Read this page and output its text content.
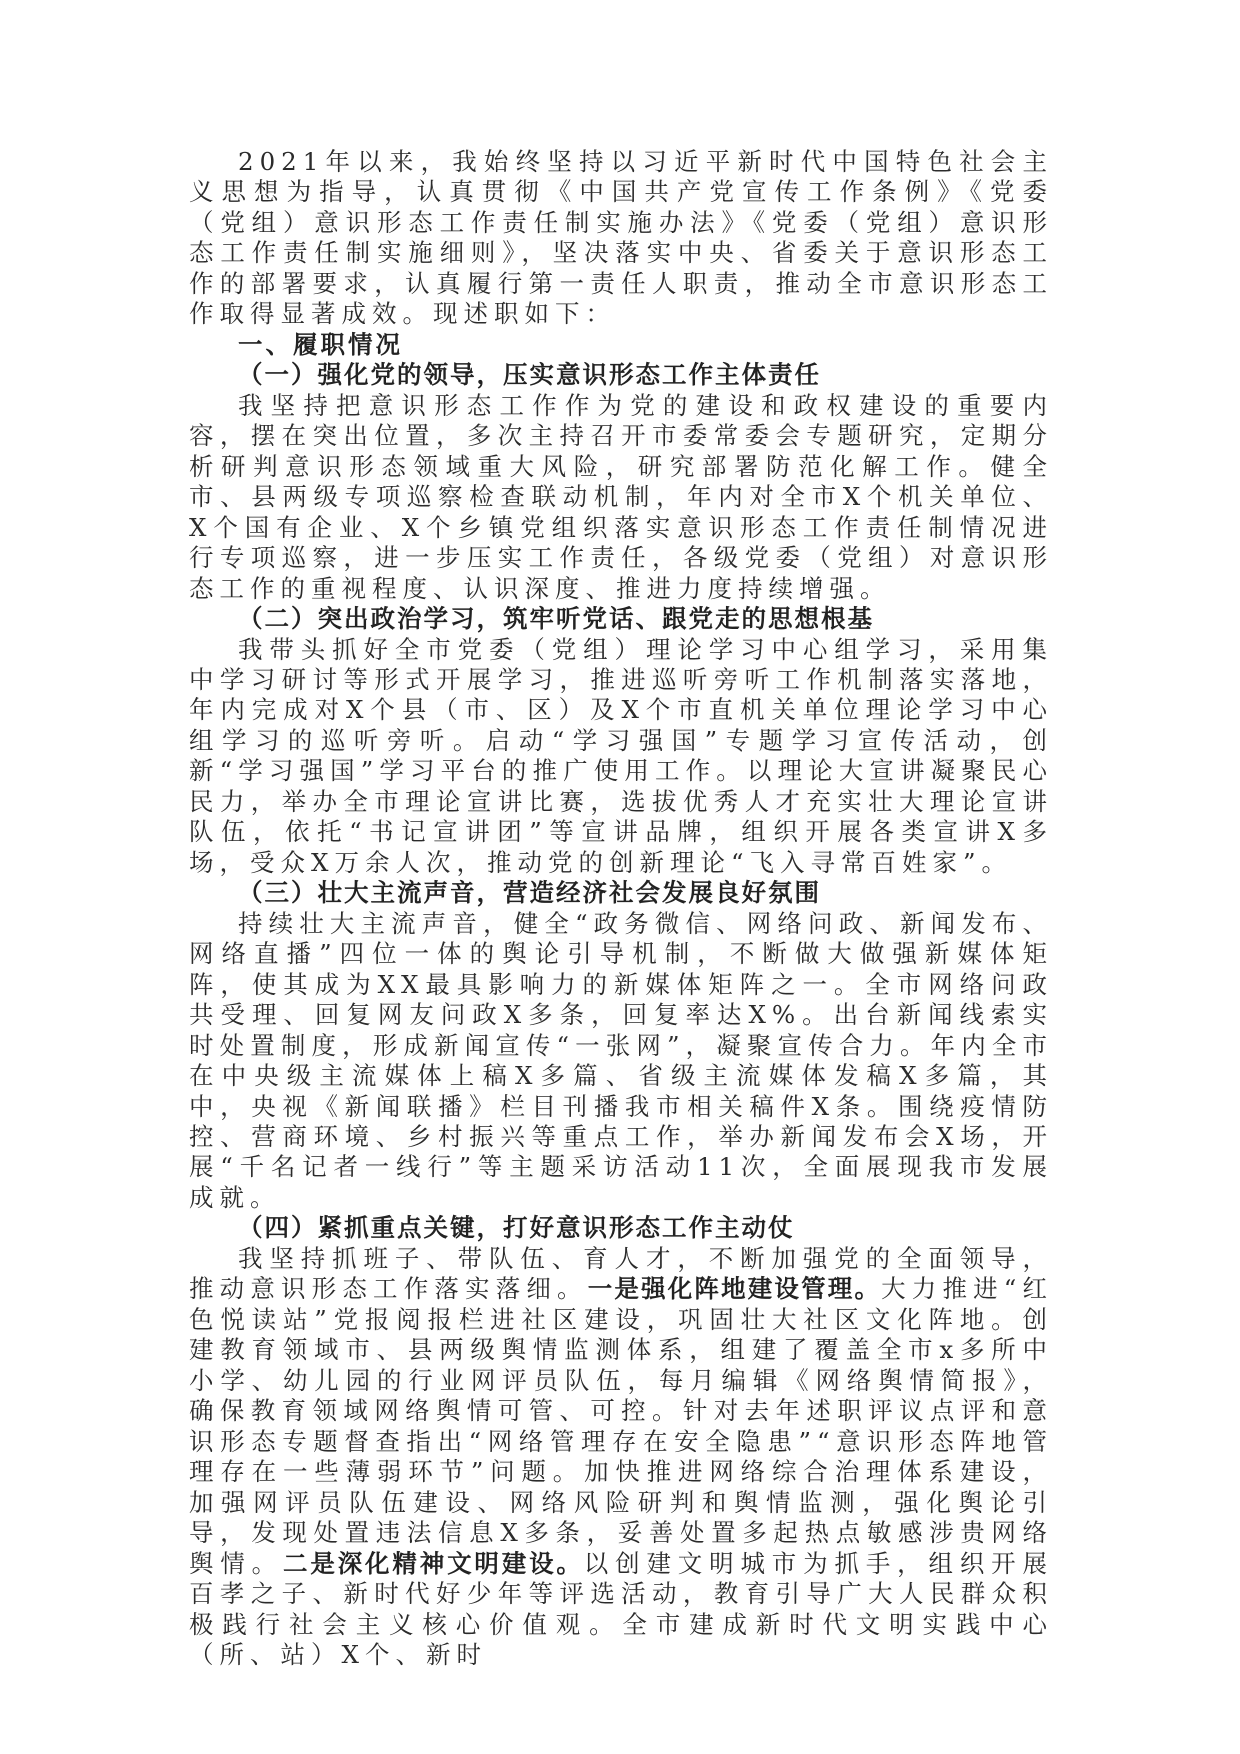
2021年以来，我始终坚持以习近平新时代中国特色社会主义思想为指导，认真贯彻《中国共产党宣传工作条例》《党委（党组）意识形态工作责任制实施办法》《党委（党组）意识形态工作责任制实施细则》，坚决落实中央、省委关于意识形态工作的部署要求，认真履行第一责任人职责，推动全市意识形态工作取得显著成效。现述职如下：

一、履职情况

（一）强化党的领导，压实意识形态工作主体责任

我坚持把意识形态工作作为党的建设和政权建设的重要内容，摆在突出位置，多次主持召开市委常委会专题研究，定期分析研判意识形态领域重大风险，研究部署防范化解工作。健全市、县两级专项巡察检查联动机制，年内对全市X个机关单位、X个国有企业、X个乡镇党组织落实意识形态工作责任制情况进行专项巡察，进一步压实工作责任，各级党委（党组）对意识形态工作的重视程度、认识深度、推进力度持续增强。

（二）突出政治学习，筑牢听党话、跟党走的思想根基

我带头抓好全市党委（党组）理论学习中心组学习，采用集中学习研讨等形式开展学习，推进巡听旁听工作机制落实落地，年内完成对X个县（市、区）及X个市直机关单位理论学习中心组学习的巡听旁听。启动“学习强国”专题学习宣传活动，创新“学习强国”学习平台的推广使用工作。以理论大宣讲凝聚民心民力，举办全市理论宣讲比赛，选拔优秀人才充实壮大理论宣讲队伍，依托“书记宣讲团”等宣讲品牌，组织开展各类宣讲X多场，受众X万余人次，推动党的创新理论“飞入寻常百姓家”。

（三）壮大主流声音，营造经济社会发展良好氛围

持续壮大主流声音，健全“政务微信、网络问政、新闻发布、网络直播”四位一体的舆论引导机制，不断做大做强新媒体矩阵，使其成为XX最具影响力的新媒体矩阵之一。全市网络问政共受理、回复网友问政X多条，回复率达X%。出台新闻线索实时处置制度，形成新闻宣传“一张网”，凝聚宣传合力。年内全市在中央级主流媒体上稿X多篇、省级主流媒体发稿X多篇，其中，央视《新闻联播》栏目刊播我市相关稿件X条。围绕疫情防控、营商环境、乡村振兴等重点工作，举办新闻发布会X场，开展“千名记者一线行”等主题采访活动11次，全面展现我市发展成就。

（四）紧抓重点关键，打好意识形态工作主动仗

我坚持抓班子、带队伍、育人才，不断加强党的全面领导，推动意识形态工作落实落细。一是强化阵地建设管理。大力推进“红色悦读站”党报阅报栏进社区建设，巩固壮大社区文化阵地。创建教育领域市、县两级舆情监测体系，组建了覆盖全市x多所中小学、幼儿园的行业网评员队伍，每月编辑《网络舆情简报》，确保教育领域网络舆情可管、可控。针对去年述职评议点评和意识形态专题督查指出“网络管理存在安全隐患”“意识形态阵地管理存在一些薄弱环节”问题。加快推进网络综合治理体系建设，加强网评员队伍建设、网络风险研判和舆情监测，强化舆论引导，发现处置违法信息X多条，妥善处置多起热点敏感涉贵网络舆情。二是深化精神文明建设。以创建文明城市为抓手，组织开展百孝之子、新时代好少年等评选活动，教育引导广大人民群众积极践行社会主义核心价值观。全市建成新时代文明实践中心（所、站）X个、新时
